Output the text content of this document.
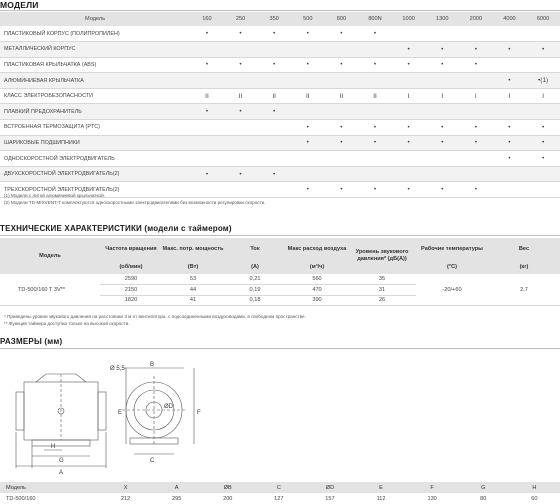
МОДЕЛИ
Модель	160	250	350	500	800	800N	1000	1300	2000	4000	6000
ПЛАСТИКОВЫЙ КОРПУС (ПОЛИПРОПИЛЕН)	•	•	•	•	•	•					
МЕТАЛЛИЧЕСКИЙ КОРПУС							•	•	•	•	•
ПЛАСТИКОВАЯ КРЫЛЬЧАТКА (ABS)	•	•	•	•	•	•	•	•	•		
АЛЮМИНИЕВАЯ КРЫЛЬЧАТКА										•	•(1)
КЛАСС ЭЛЕКТРОБЕЗОПАСНОСТИ	II	II	II	II	II	II	I	I	I	I	I
ПЛАВКИЙ ПРЕДОХРАНИТЕЛЬ	•	•	•								
ВСТРОЕННАЯ ТЕРМОЗАЩИТА (PTC)				•	•	•	•	•	•	•	•
ШАРИКОВЫЕ ПОДШИПНИКИ				•	•	•	•	•	•	•	•
ОДНОСКОРОСТНОЙ ЭЛЕКТРОДВИГАТЕЛЬ										•	•
ДВУХСКОРОСТНОЙ ЭЛЕКТРОДВИГАТЕЛЬ(2)	•	•	•								
ТРЕХСКОРОСТНОЙ ЭЛЕКТРОДВИГАТЕЛЬ(2)				•	•	•	•	•	•		
(1) Модели с литой алюминиевой крыльчаткой.
(2) Модели TD-MIXVENT-T комплектуются односкоростными электродвигателями без возможности регулировки скорости.
ТЕХНИЧЕСКИЕ ХАРАКТЕРИСТИКИ (модели с таймером)
Модель	Частота вращения	Макс. потр. мощность	Ток	Макс расход воздуха	Уровень звукового давления* (дБ(А))	Рабочие температуры	Вес
	(об/мин)	(Вт)	(А)	(м³/ч)		(°C)	(кг)
TD-500/160 T 3V**	2590	53	0,21	560	35	-20/+60	2,7
	2150	44	0,19	470	31		
	1820	41	0,18	390	26		
* Приведены уровни звукового давления на расстоянии 3 м от вентилятора, с подсоединенными воздуховодами, в свободном пространстве.
** Функция таймера доступна только на высокой скорости.
РАЗМЕРЫ (мм)
Ø 5,5
H
G
A
B
C
ØD
E	F
Модель	X	A	ØB	C	ØD	E	F	G	H
TD-500/160	212	295	200	127	157	112	130	80	60
